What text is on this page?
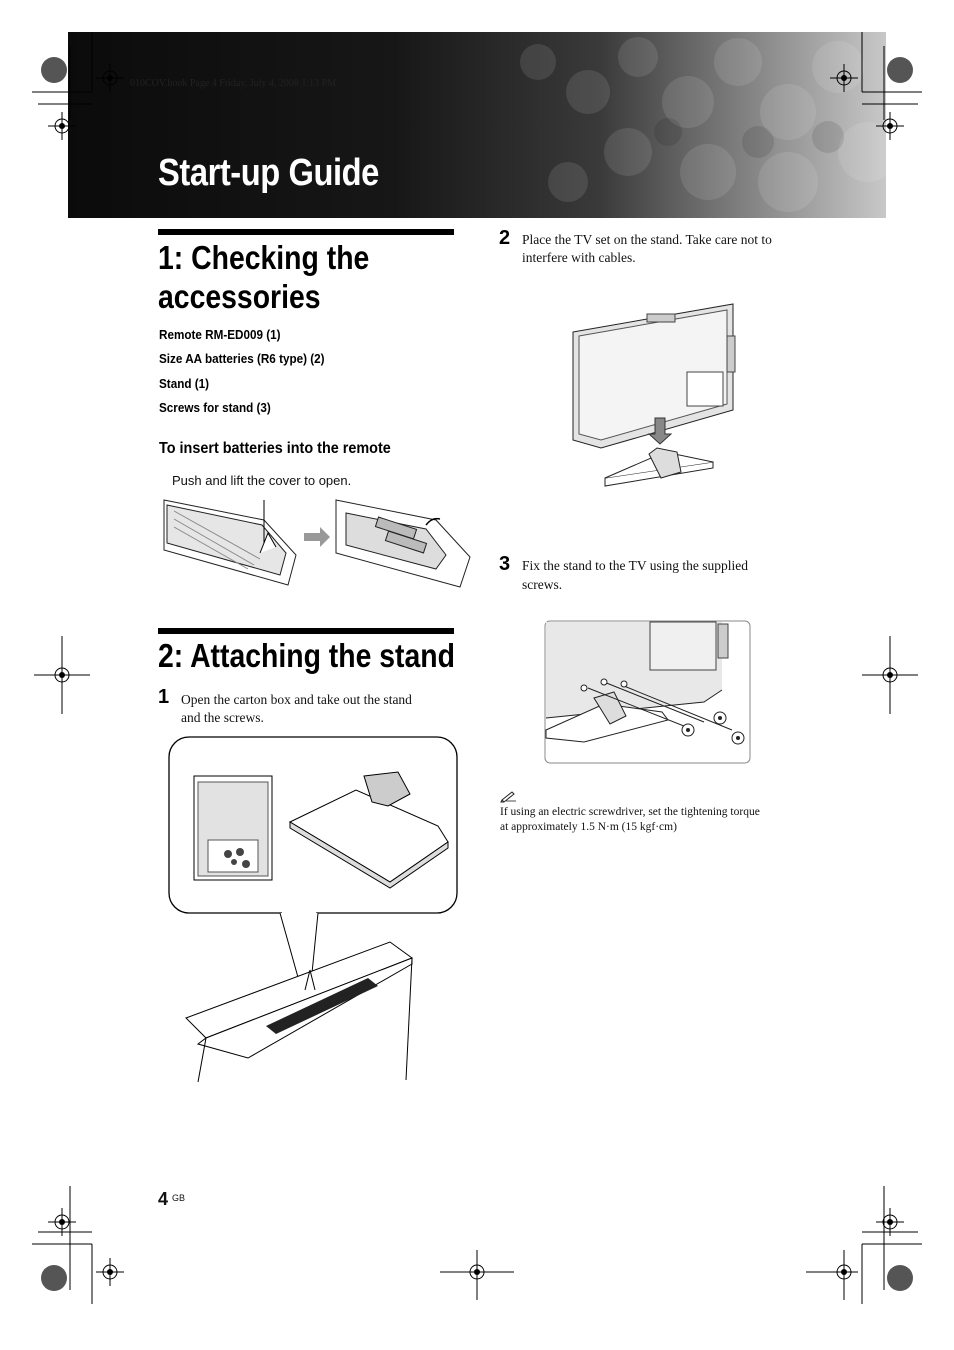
010COV.book Page 4 Friday, July 4, 2008 1:13 PM
Start-up Guide
1: Checking the
accessories
Remote RM-ED009 (1)
Size AA batteries (R6 type) (2)
Stand (1)
Screws for stand (3)
To insert batteries into the remote
Push and lift the cover to open.
2: Attaching the stand
1 Open the carton box and take out the stand
and the screws.
2 Place the TV set on the stand. Take care not to
interfere with cables.
3 Fix the stand to the TV using the supplied
screws.
If using an electric screwdriver, set the tightening torque
at approximately 1.5 N·m (15 kgf·cm)
4 GB
